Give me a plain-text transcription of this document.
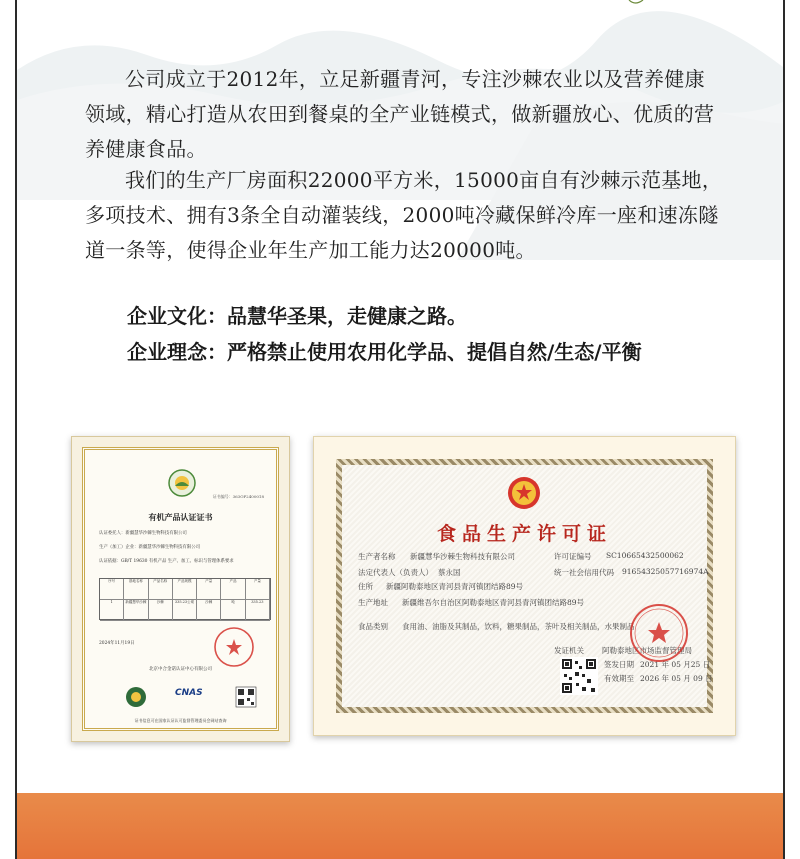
公司成立于2012年，立足新疆青河，专注沙棘农业以及营养健康领域，精心打造从农田到餐桌的全产业链模式，做新疆放心、优质的营养健康食品。
我们的生产厂房面积22000平方米，15000亩自有沙棘示范基地，多项技术、拥有3条全自动灌装线，2000吨冷藏保鲜冷库一座和速冻隧道一条等，使得企业年生产加工能力达20000吨。
企业文化：品慧华圣果，走健康之路。
企业理念：严格禁止使用农用化学品、提倡自然/生态/平衡
证书编号：363OP2400018
有机产品认证证书
认证委托人：新疆慧华沙棘生物科技有限公司
生产（加工）企业：新疆慧华沙棘生物科技有限公司
认证依据：GB/T 19630 有机产品 生产、加工、标识与管理体系要求
序号	基地名称	产品名称	产品规模	产量	产品	产量
1	新疆慧华沙棘	沙棘	335.23公顷	沙棘	吨	335.23
2024年11月19日
北京中合金诺认证中心有限公司
CNAS
证书信息可在国家认证认可监督管理委员会网站查询
食品生产许可证
生产者名称 新疆慧华沙棘生物科技有限公司	许可证编号 SC10665432500062
法定代表人（负责人） 蔡永国	统一社会信用代码 91654325057716974A
住所 新疆阿勒泰地区青河县青河镇团结路89号
生产地址 新疆维吾尔自治区阿勒泰地区青河县青河镇团结路89号
食品类别 食用油、油脂及其制品，饮料，糖果制品，茶叶及相关制品，水果制品
发证机关 阿勒泰地区市场监督管理局
签发日期 2021 年 05 月25 日
有效期至 2026 年 05 月 09 日
